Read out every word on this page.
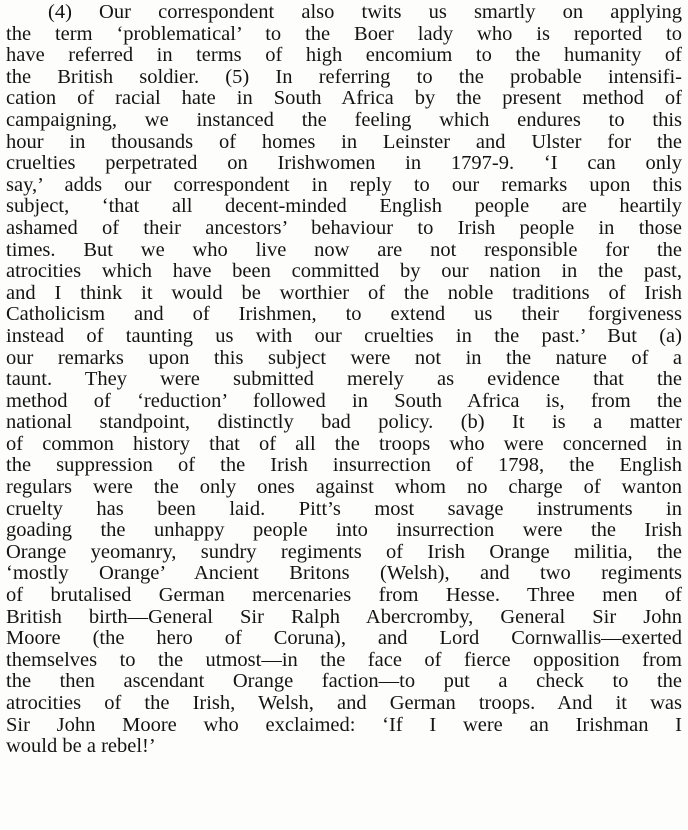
(4) Our correspondent also twits us smartly on applying
the term ‘problematical’ to the Boer lady who is reported to
have referred in terms of high encomium to the humanity of
the British soldier. (5) In referring to the probable intensifi-
cation of racial hate in South Africa by the present method of
campaigning, we instanced the feeling which endures to this
hour in thousands of homes in Leinster and Ulster for the
cruelties perpetrated on Irishwomen in 1797-9. ‘I can only
say,’ adds our correspondent in reply to our remarks upon this
subject, ‘that all decent-minded English people are heartily
ashamed of their ancestors’ behaviour to Irish people in those
times. But we who live now are not responsible for the
atrocities which have been committed by our nation in the past,
and I think it would be worthier of the noble traditions of Irish
Catholicism and of Irishmen, to extend us their forgiveness
instead of taunting us with our cruelties in the past.’ But (a)
our remarks upon this subject were not in the nature of a
taunt. They were submitted merely as evidence that the
method of ‘reduction’ followed in South Africa is, from the
national standpoint, distinctly bad policy. (b) It is a matter
of common history that of all the troops who were concerned in
the suppression of the Irish insurrection of 1798, the English
regulars were the only ones against whom no charge of wanton
cruelty has been laid. Pitt’s most savage instruments in
goading the unhappy people into insurrection were the Irish
Orange yeomanry, sundry regiments of Irish Orange militia, the
‘mostly Orange’ Ancient Britons (Welsh), and two regiments
of brutalised German mercenaries from Hesse. Three men of
British birth—General Sir Ralph Abercromby, General Sir John
Moore (the hero of Coruna), and Lord Cornwallis—exerted
themselves to the utmost—in the face of fierce opposition from
the then ascendant Orange faction—to put a check to the
atrocities of the Irish, Welsh, and German troops. And it was
Sir John Moore who exclaimed: ‘If I were an Irishman I
would be a rebel!’
